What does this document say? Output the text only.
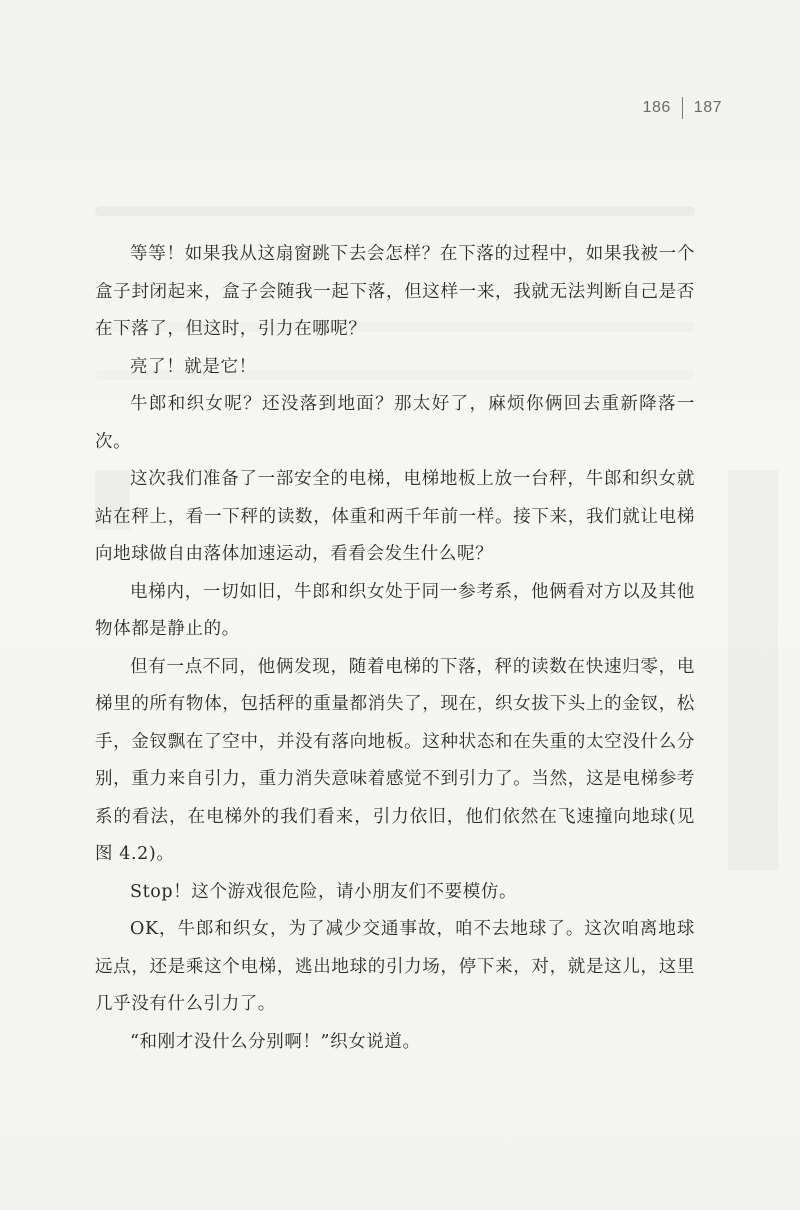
186 187

等等！如果我从这扇窗跳下去会怎样？在下落的过程中，如果我被一个盒子封闭起来，盒子会随我一起下落，但这样一来，我就无法判断自己是否在下落了，但这时，引力在哪呢？

亮了！就是它！

牛郎和织女呢？还没落到地面？那太好了，麻烦你俩回去重新降落一次。

这次我们准备了一部安全的电梯，电梯地板上放一台秤，牛郎和织女就站在秤上，看一下秤的读数，体重和两千年前一样。接下来，我们就让电梯向地球做自由落体加速运动，看看会发生什么呢？

电梯内，一切如旧，牛郎和织女处于同一参考系，他俩看对方以及其他物体都是静止的。

但有一点不同，他俩发现，随着电梯的下落，秤的读数在快速归零，电梯里的所有物体，包括秤的重量都消失了，现在，织女拔下头上的金钗，松手，金钗飘在了空中，并没有落向地板。这种状态和在失重的太空没什么分别，重力来自引力，重力消失意味着感觉不到引力了。当然，这是电梯参考系的看法，在电梯外的我们看来，引力依旧，他们依然在飞速撞向地球(见图 4.2)。

Stop！这个游戏很危险，请小朋友们不要模仿。

OK，牛郎和织女，为了减少交通事故，咱不去地球了。这次咱离地球远点，还是乘这个电梯，逃出地球的引力场，停下来，对，就是这儿，这里几乎没有什么引力了。

“和刚才没什么分别啊！”织女说道。
